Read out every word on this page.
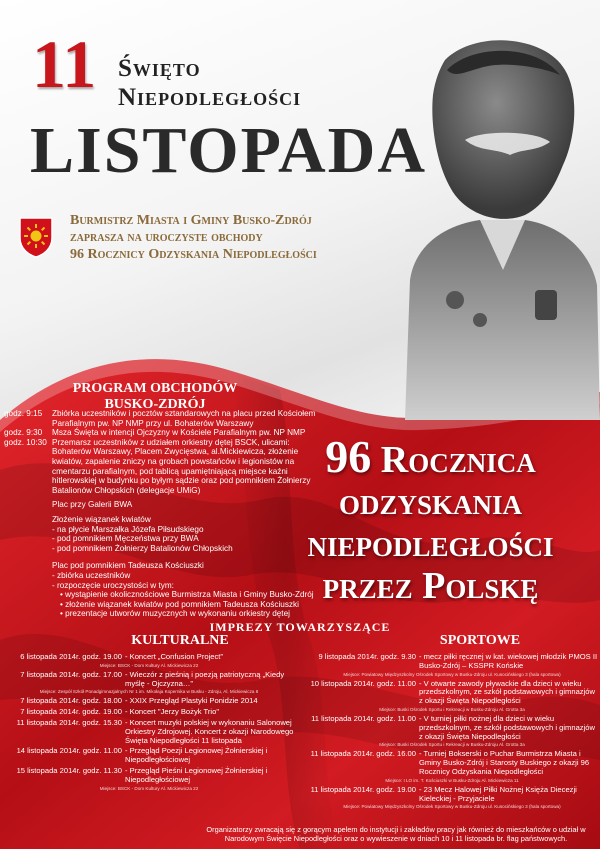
11 Święto
Niepodległości
LISTOPADA
Burmistrz Miasta i Gminy Busko-Zdrój
zaprasza na uroczyste obchody
96 Rocznicy Odzyskania Niepodległości
96 Rocznica
odzyskania
niepodległości
przez Polskę
PROGRAM OBCHODÓW
BUSKO-ZDRÓJ
godz. 9:15	Zbiórka uczestników i pocztów sztandarowych na placu przed Kościołem Parafialnym pw. NP NMP przy ul. Bohaterów Warszawy
godz. 9:30	Msza Święta w intencji Ojczyzny w Kościele Parafialnym pw. NP NMP
godz. 10:30 Przemarsz uczestników z udziałem orkiestry dętej BSCK, ulicami: Bohaterów Warszawy, Placem Zwycięstwa, al.Mickiewicza, złożenie kwiatów, zapalenie zniczy na grobach powstańców i legionistów na cmentarzu parafialnym, pod tablicą upamiętniającą miejsce kaźni hitlerowskiej w budynku po byłym sądzie oraz pod pomnikiem Żołnierzy Batalionów Chłopskich (delegacje UMiG)
Plac przy Galerii BWA
Złożenie wiązanek kwiatów
- na płycie Marszałka Józefa Piłsudskiego
- pod pomnikiem Męczeństwa przy BWA
- pod pomnikiem Żołnierzy Batalionów Chłopskich
Plac pod pomnikiem Tadeusza Kościuszki
- zbiórka uczestników
- rozpoczęcie uroczystości w tym:
• wystąpienie okolicznościowe Burmistrza Miasta i Gminy Busko-Zdrój
• złożenie wiązanek kwiatów pod pomnikiem Tadeusza Kościuszki
• prezentacje utworów muzycznych w wykonaniu orkiestry dętej
IMPREZY TOWARZYSZĄCE
KULTURALNE	SPORTOWE
6 listopada 2014r. godz. 19.00 - Koncert „Confusion Project”
Miejsce: BSCK - Dom Kultury Al. Mickiewicza 22
7 listopada 2014r. godz. 17.00 - Wieczór z pieśnią i poezją patriotyczną „Kiedy myślę - Ojczyzna…”
Miejsce: Zespół Szkół Ponadgimnazjalnych Nr 1 im. Mikołaja Kopernika w Busku - Zdroju, Al. Mickiewicza 8
7 listopada 2014r. godz. 18.00 - XXIX Przegląd Plastyki Ponidzie 2014
7 listopada 2014r. godz. 19.00 - Koncert "Jerzy Bożyk Trio"
11 listopada 2014r. godz. 15.30 - Koncert muzyki polskiej w wykonaniu Salonowej Orkiestry Zdrojowej. Koncert z okazji Narodowego Święta Niepodległości 11 listopada
14 listopada 2014r. godz. 11.00 - Przegląd Poezji Legionowej Żołnierskiej i Niepodległościowej
15 listopada 2014r. godz. 11.30 - Przegląd Pieśni Legionowej Żołnierskiej i Niepodległościowej
Miejsce: BSCK - Dom Kultury Al. Mickiewicza 22
9 listopada 2014r. godz. 9.30 - mecz piłki ręcznej w kat. wiekowej młodzik PMOS II Busko-Zdrój – KSSPR Końskie
Miejsce: Powiatowy Międzyszkolny Ośrodek Sportowy w Busku-Zdroju ul. Kusocińskiego 3 (hala sportowa)
10 listopada 2014r. godz. 11.00 - V otwarte zawody pływackie dla dzieci w wieku przedszkolnym, ze szkół podstawowych i gimnazjów z okazji Święta Niepodległości
Miejsce: Buski Ośrodek Sportu i Rekreacji w Busku-Zdroju Al. Grotta 3a
11 listopada 2014r. godz. 11.00 - V turniej piłki nożnej dla dzieci w wieku przedszkolnym, ze szkół podstawowych i gimnazjów z okazji Święta Niepodległości
Miejsce: Buski Ośrodek Sportu i Rekreacji w Busku-Zdroju Al. Grotta 3a
11 listopada 2014r. godz. 16.00 - Turniej Bokserski o Puchar Burmistrza Miasta i Gminy Busko-Zdrój i Starosty Buskiego z okazji 96 Rocznicy Odzyskania Niepodległości
Miejsce: I LO im. T. Kościuszki w Busku-Zdroju Al. Mickiewicza 11
11 listopada 2014r. godz. 19.00 - 23 Mecz Halowej Piłki Nożnej Księża Diecezji Kieleckiej - Przyjaciele
Miejsce: Powiatowy Międzyszkolny Ośrodek Sportowy w Busku-Zdroju ul. Kusocińskiego 3 (hala sportowa)
Organizatorzy zwracają się z gorącym apelem do instytucji i zakładów pracy jak również do mieszkańców o udział w Narodowym Święcie Niepodległości oraz o wywieszenie w dniach 10 i 11 listopada br. flag państwowych.
